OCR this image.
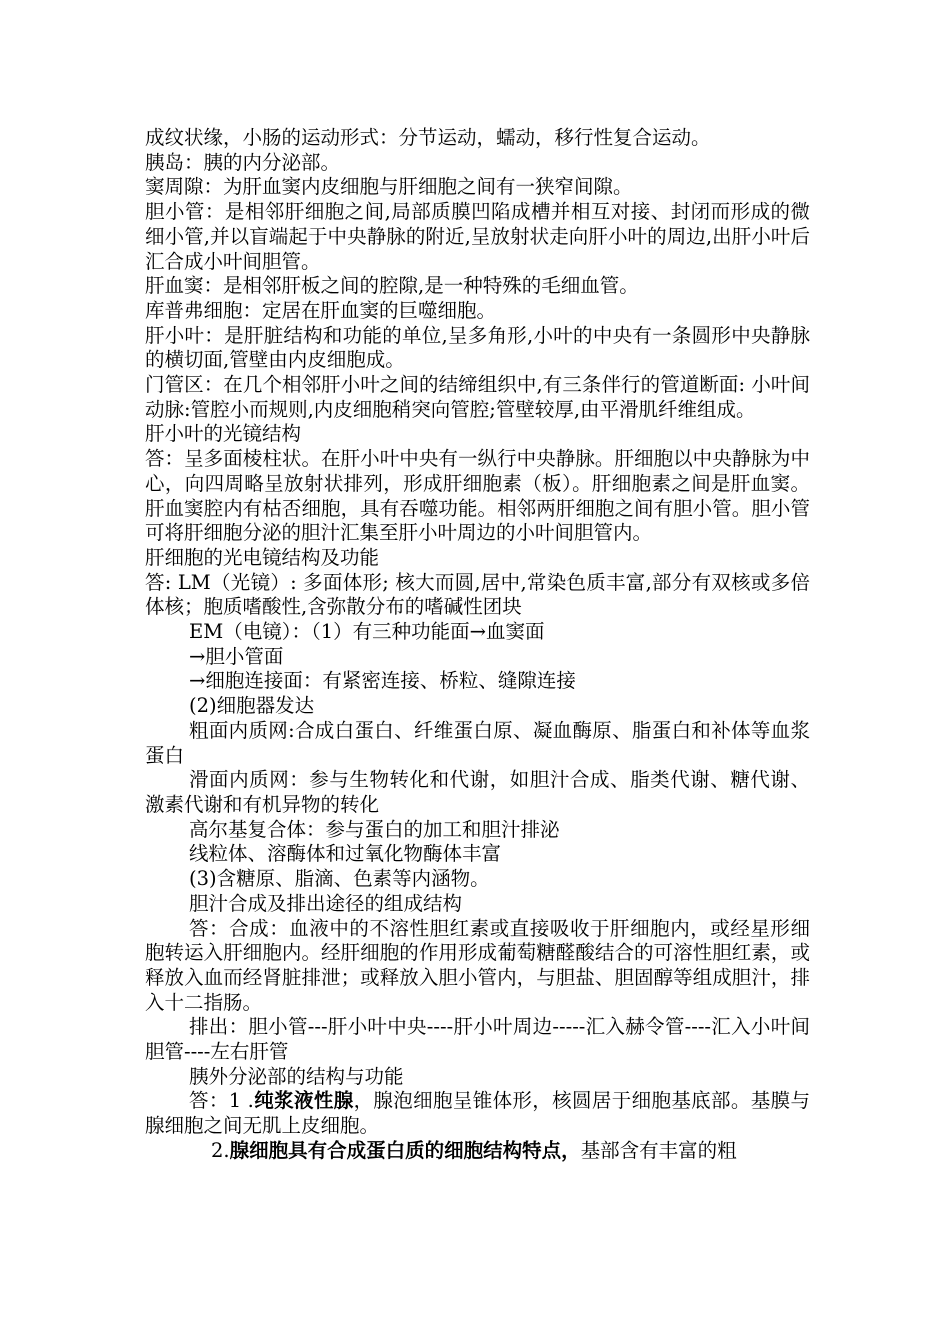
成纹状缘，小肠的运动形式：分节运动，蠕动，移行性复合运动。

胰岛：胰的内分泌部。

窦周隙：为肝血窦内皮细胞与肝细胞之间有一狭窄间隙。

胆小管：是相邻肝细胞之间,局部质膜凹陷成槽并相互对接、封闭而形成的微细小管,并以盲端起于中央静脉的附近,呈放射状走向肝小叶的周边,出肝小叶后汇合成小叶间胆管。

肝血窦：是相邻肝板之间的腔隙,是一种特殊的毛细血管。

库普弗细胞：定居在肝血窦的巨噬细胞。

肝小叶：是肝脏结构和功能的单位,呈多角形,小叶的中央有一条圆形中央静脉的横切面,管壁由内皮细胞成。

门管区：在几个相邻肝小叶之间的结缔组织中,有三条伴行的管道断面: 小叶间动脉:管腔小而规则,内皮细胞稍突向管腔;管壁较厚,由平滑肌纤维组成。

肝小叶的光镜结构

答：呈多面棱柱状。在肝小叶中央有一纵行中央静脉。肝细胞以中央静脉为中心，向四周略呈放射状排列，形成肝细胞素（板）。肝细胞素之间是肝血窦。肝血窦腔内有枯否细胞，具有吞噬功能。相邻两肝细胞之间有胆小管。胆小管可将肝细胞分泌的胆汁汇集至肝小叶周边的小叶间胆管内。

肝细胞的光电镜结构及功能

答: LM（光镜）: 多面体形; 核大而圆,居中,常染色质丰富,部分有双核或多倍体核；胞质嗜酸性,含弥散分布的嗜碱性团块

EM（电镜）：（1）有三种功能面→血窦面

→胆小管面

→细胞连接面：有紧密连接、桥粒、缝隙连接

(2)细胞器发达

粗面内质网:合成白蛋白、纤维蛋白原、凝血酶原、脂蛋白和补体等血浆蛋白

滑面内质网：参与生物转化和代谢，如胆汁合成、脂类代谢、糖代谢、激素代谢和有机异物的转化

高尔基复合体：参与蛋白的加工和胆汁排泌

线粒体、溶酶体和过氧化物酶体丰富

(3)含糖原、脂滴、色素等内涵物。

胆汁合成及排出途径的组成结构

答：合成：血液中的不溶性胆红素或直接吸收于肝细胞内，或经星形细胞转运入肝细胞内。经肝细胞的作用形成葡萄糖醛酸结合的可溶性胆红素，或释放入血而经肾脏排泄；或释放入胆小管内，与胆盐、胆固醇等组成胆汁，排入十二指肠。

排出：胆小管---肝小叶中央----肝小叶周边-----汇入赫令管----汇入小叶间胆管----左右肝管

胰外分泌部的结构与功能

答：1 .纯浆液性腺，腺泡细胞呈锥体形，核圆居于细胞基底部。基膜与腺细胞之间无肌上皮细胞。

2.腺细胞具有合成蛋白质的细胞结构特点，基部含有丰富的粗
